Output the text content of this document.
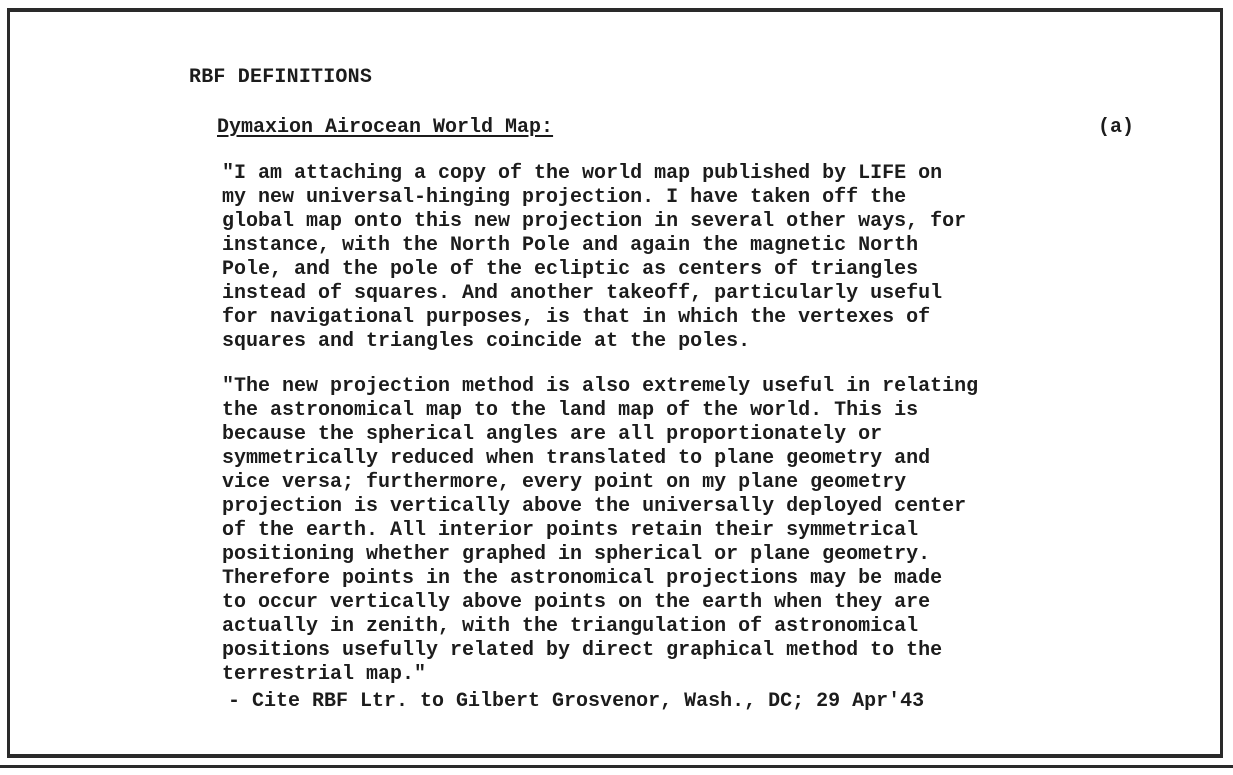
RBF DEFINITIONS
Dymaxion Airocean World Map:	(a)

"I am attaching a copy of the world map published by LIFE on
my new universal-hinging projection. I have taken off the
global map onto this new projection in several other ways, for
instance, with the North Pole and again the magnetic North
Pole, and the pole of the ecliptic as centers of triangles
instead of squares. And another takeoff, particularly useful
for navigational purposes, is that in which the vertexes of
squares and triangles coincide at the poles.

"The new projection method is also extremely useful in relating
the astronomical map to the land map of the world. This is
because the spherical angles are all proportionately or
symmetrically reduced when translated to plane geometry and
vice versa; furthermore, every point on my plane geometry
projection is vertically above the universally deployed center
of the earth. All interior points retain their symmetrical
positioning whether graphed in spherical or plane geometry.
Therefore points in the astronomical projections may be made
to occur vertically above points on the earth when they are
actually in zenith, with the triangulation of astronomical
positions usefully related by direct graphical method to the
terrestrial map."

- Cite RBF Ltr. to Gilbert Grosvenor, Wash., DC; 29 Apr'43
